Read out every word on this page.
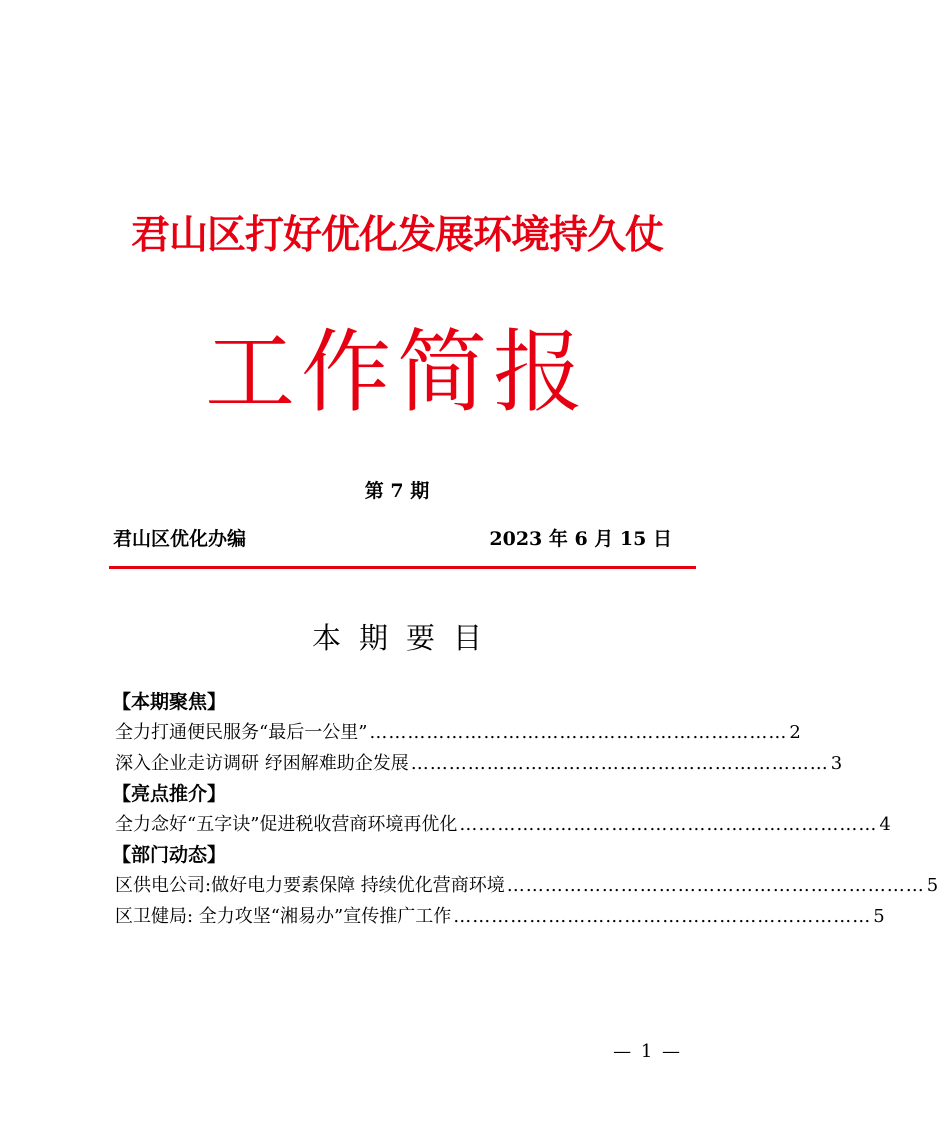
君山区打好优化发展环境持久仗
工作简报
第 7 期
君山区优化办编	2023 年 6 月 15 日
本期要目
【本期聚焦】
全力打通便民服务“最后一公里” ………………………………………………………… 2
深入企业走访调研 纾困解难助企发展 ………………………………………………………… 3
【亮点推介】
全力念好“五字诀”促进税收营商环境再优化 ………………………………………………………… 4
【部门动态】
区供电公司:做好电力要素保障 持续优化营商环境 ………………………………………………………… 5
区卫健局: 全力攻坚“湘易办”宣传推广工作 ………………………………………………………… 5
— 1 —
